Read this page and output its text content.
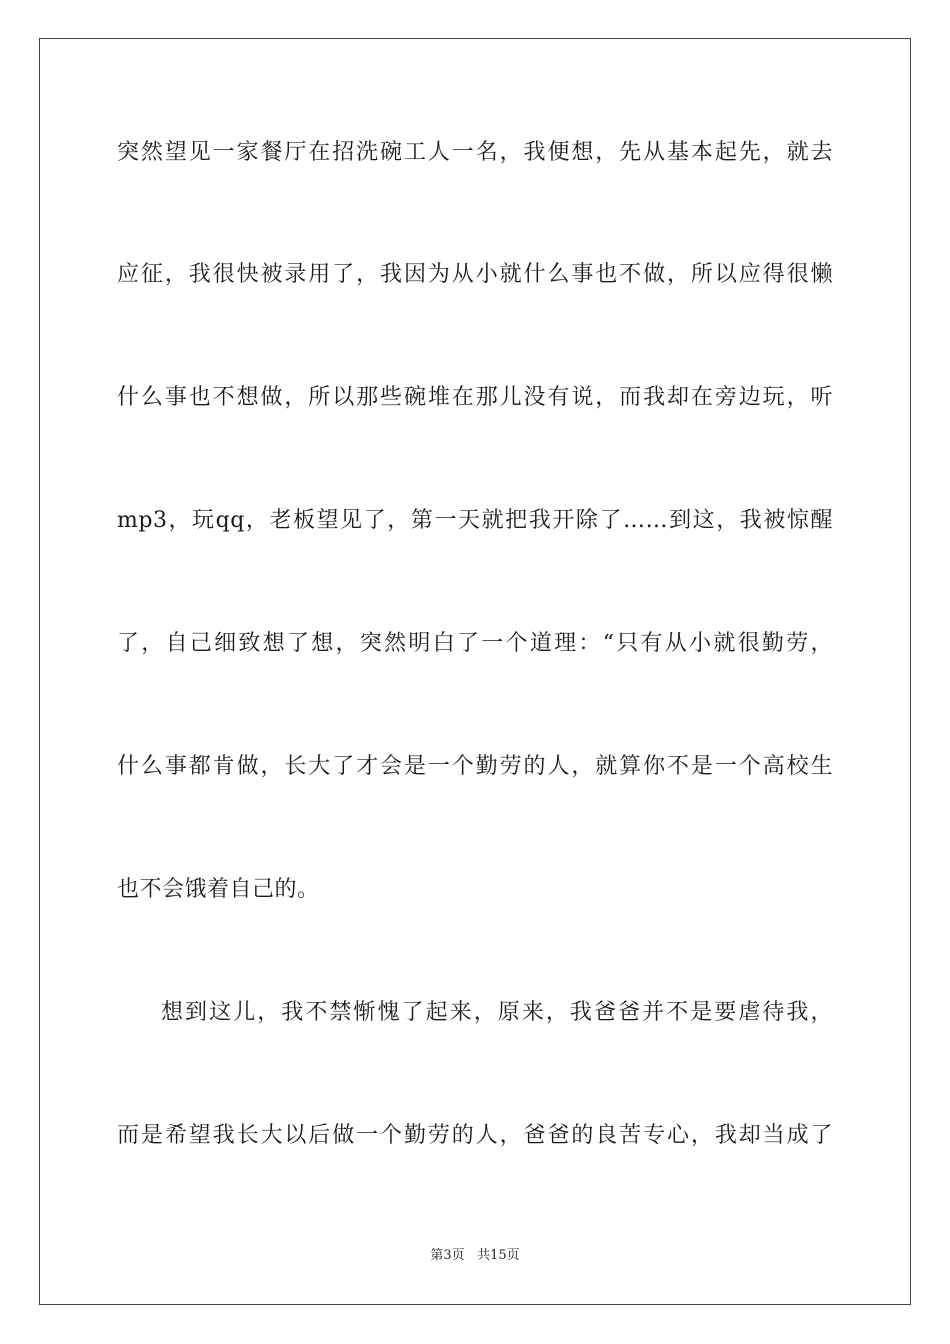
突然望见一家餐厅在招洗碗工人一名，我便想，先从基本起先，就去
应征，我很快被录用了，我因为从小就什么事也不做，所以应得很懒
什么事也不想做，所以那些碗堆在那儿没有说，而我却在旁边玩，听
mp3，玩qq，老板望见了，第一天就把我开除了……到这，我被惊醒
了，自己细致想了想，突然明白了一个道理：“只有从小就很勤劳，
什么事都肯做，长大了才会是一个勤劳的人，就算你不是一个高校生
也不会饿着自己的。
想到这儿，我不禁惭愧了起来，原来，我爸爸并不是要虐待我，
而是希望我长大以后做一个勤劳的人，爸爸的良苦专心，我却当成了
第3页 共15页
